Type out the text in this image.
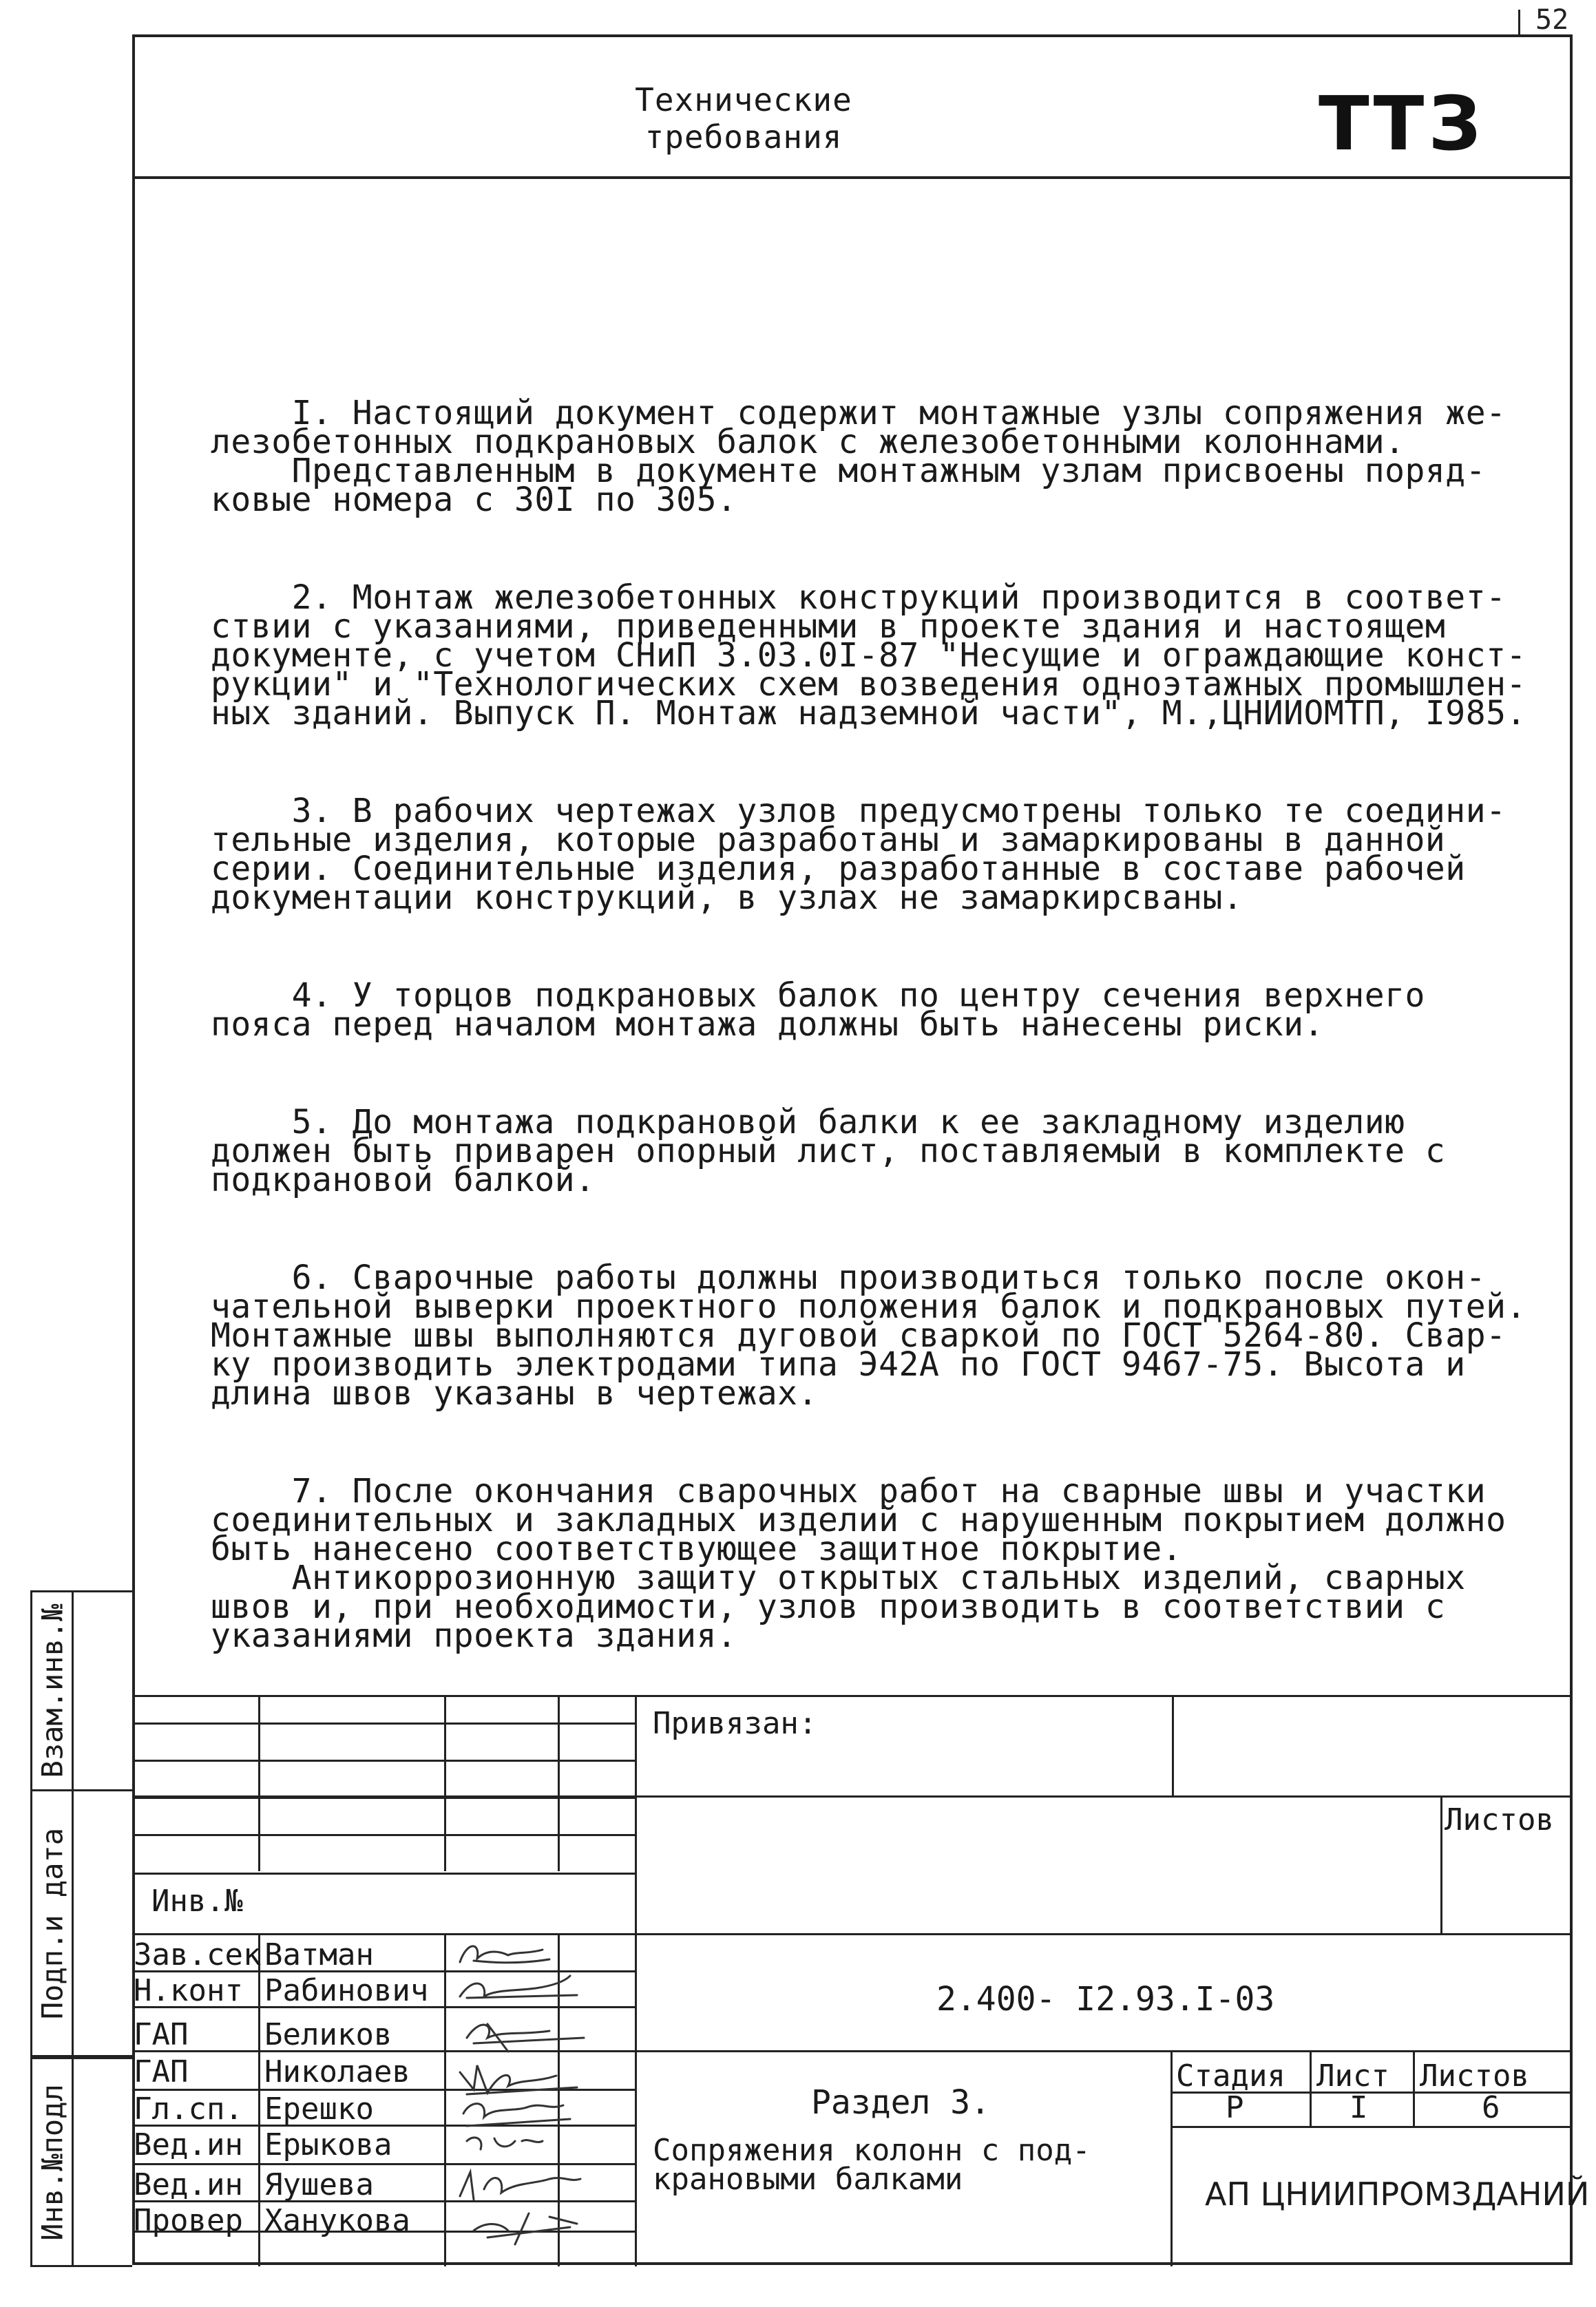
52
Технические требования	ТТЗ

I. Настоящий документ содержит монтажные узлы сопряжения же-
лезобетонных подкрановых балок с железобетонными колоннами.
Представленным в документе монтажным узлам присвоены поряд-
ковые номера с 30I по 305.

2. Монтаж железобетонных конструкций производится в соответ-
ствии с указаниями, приведенными в проекте здания и настоящем
документе, с учетом СНиП 3.03.0I-87 "Несущие и ограждающие конст-
рукции" и "Технологических схем возведения одноэтажных промышлен-
ных зданий. Выпуск П. Монтаж надземной части", М.,ЦНИИОМТП, I985.

3. В рабочих чертежах узлов предусмотрены только те соедини-
тельные изделия, которые разработаны и замаркированы в данной
серии. Соединительные изделия, разработанные в составе рабочей
документации конструкций, в узлах не замаркирсваны.

4. У торцов подкрановых балок по центру сечения верхнего
пояса перед началом монтажа должны быть нанесены риски.

5. До монтажа подкрановой балки к ее закладному изделию
должен быть приварен опорный лист, поставляемый в комплекте с
подкрановой балкой.

6. Сварочные работы должны производиться только после окон-
чательной выверки проектного положения балок и подкрановых путей.
Монтажные швы выполняются дуговой сваркой по ГОСТ 5264-80. Свар-
ку производить электродами типа Э42А по ГОСТ 9467-75. Высота и
длина швов указаны в чертежах.

7. После окончания сварочных работ на сварные швы и участки
соединительных и закладных изделий с нарушенным покрытием должно
быть нанесено соответствующее защитное покрытие.
Антикоррозионную защиту открытых стальных изделий, сварных
швов и, при необходимости, узлов производить в соответствии с
указаниями проекта здания.

Взам.инв.№
Подп.и дата
Инв.№подл
Привязан:
Листов
Инв.№
Зав.сек Ватман
Н.конт Рабинович
ГАП	Беликов
ГАП	Николаев
Гл.сп. Ерешко
Вед.ин Ерыкова
Вед.ин Яушева
Провер Ханукова
2.400- I2.93.I-03
Раздел 3.
Сопряжения колонн с под-
крановыми балками
Стадия Лист Листов
Р	I	6
АП ЦНИИПРОМЗДАНИЙ
